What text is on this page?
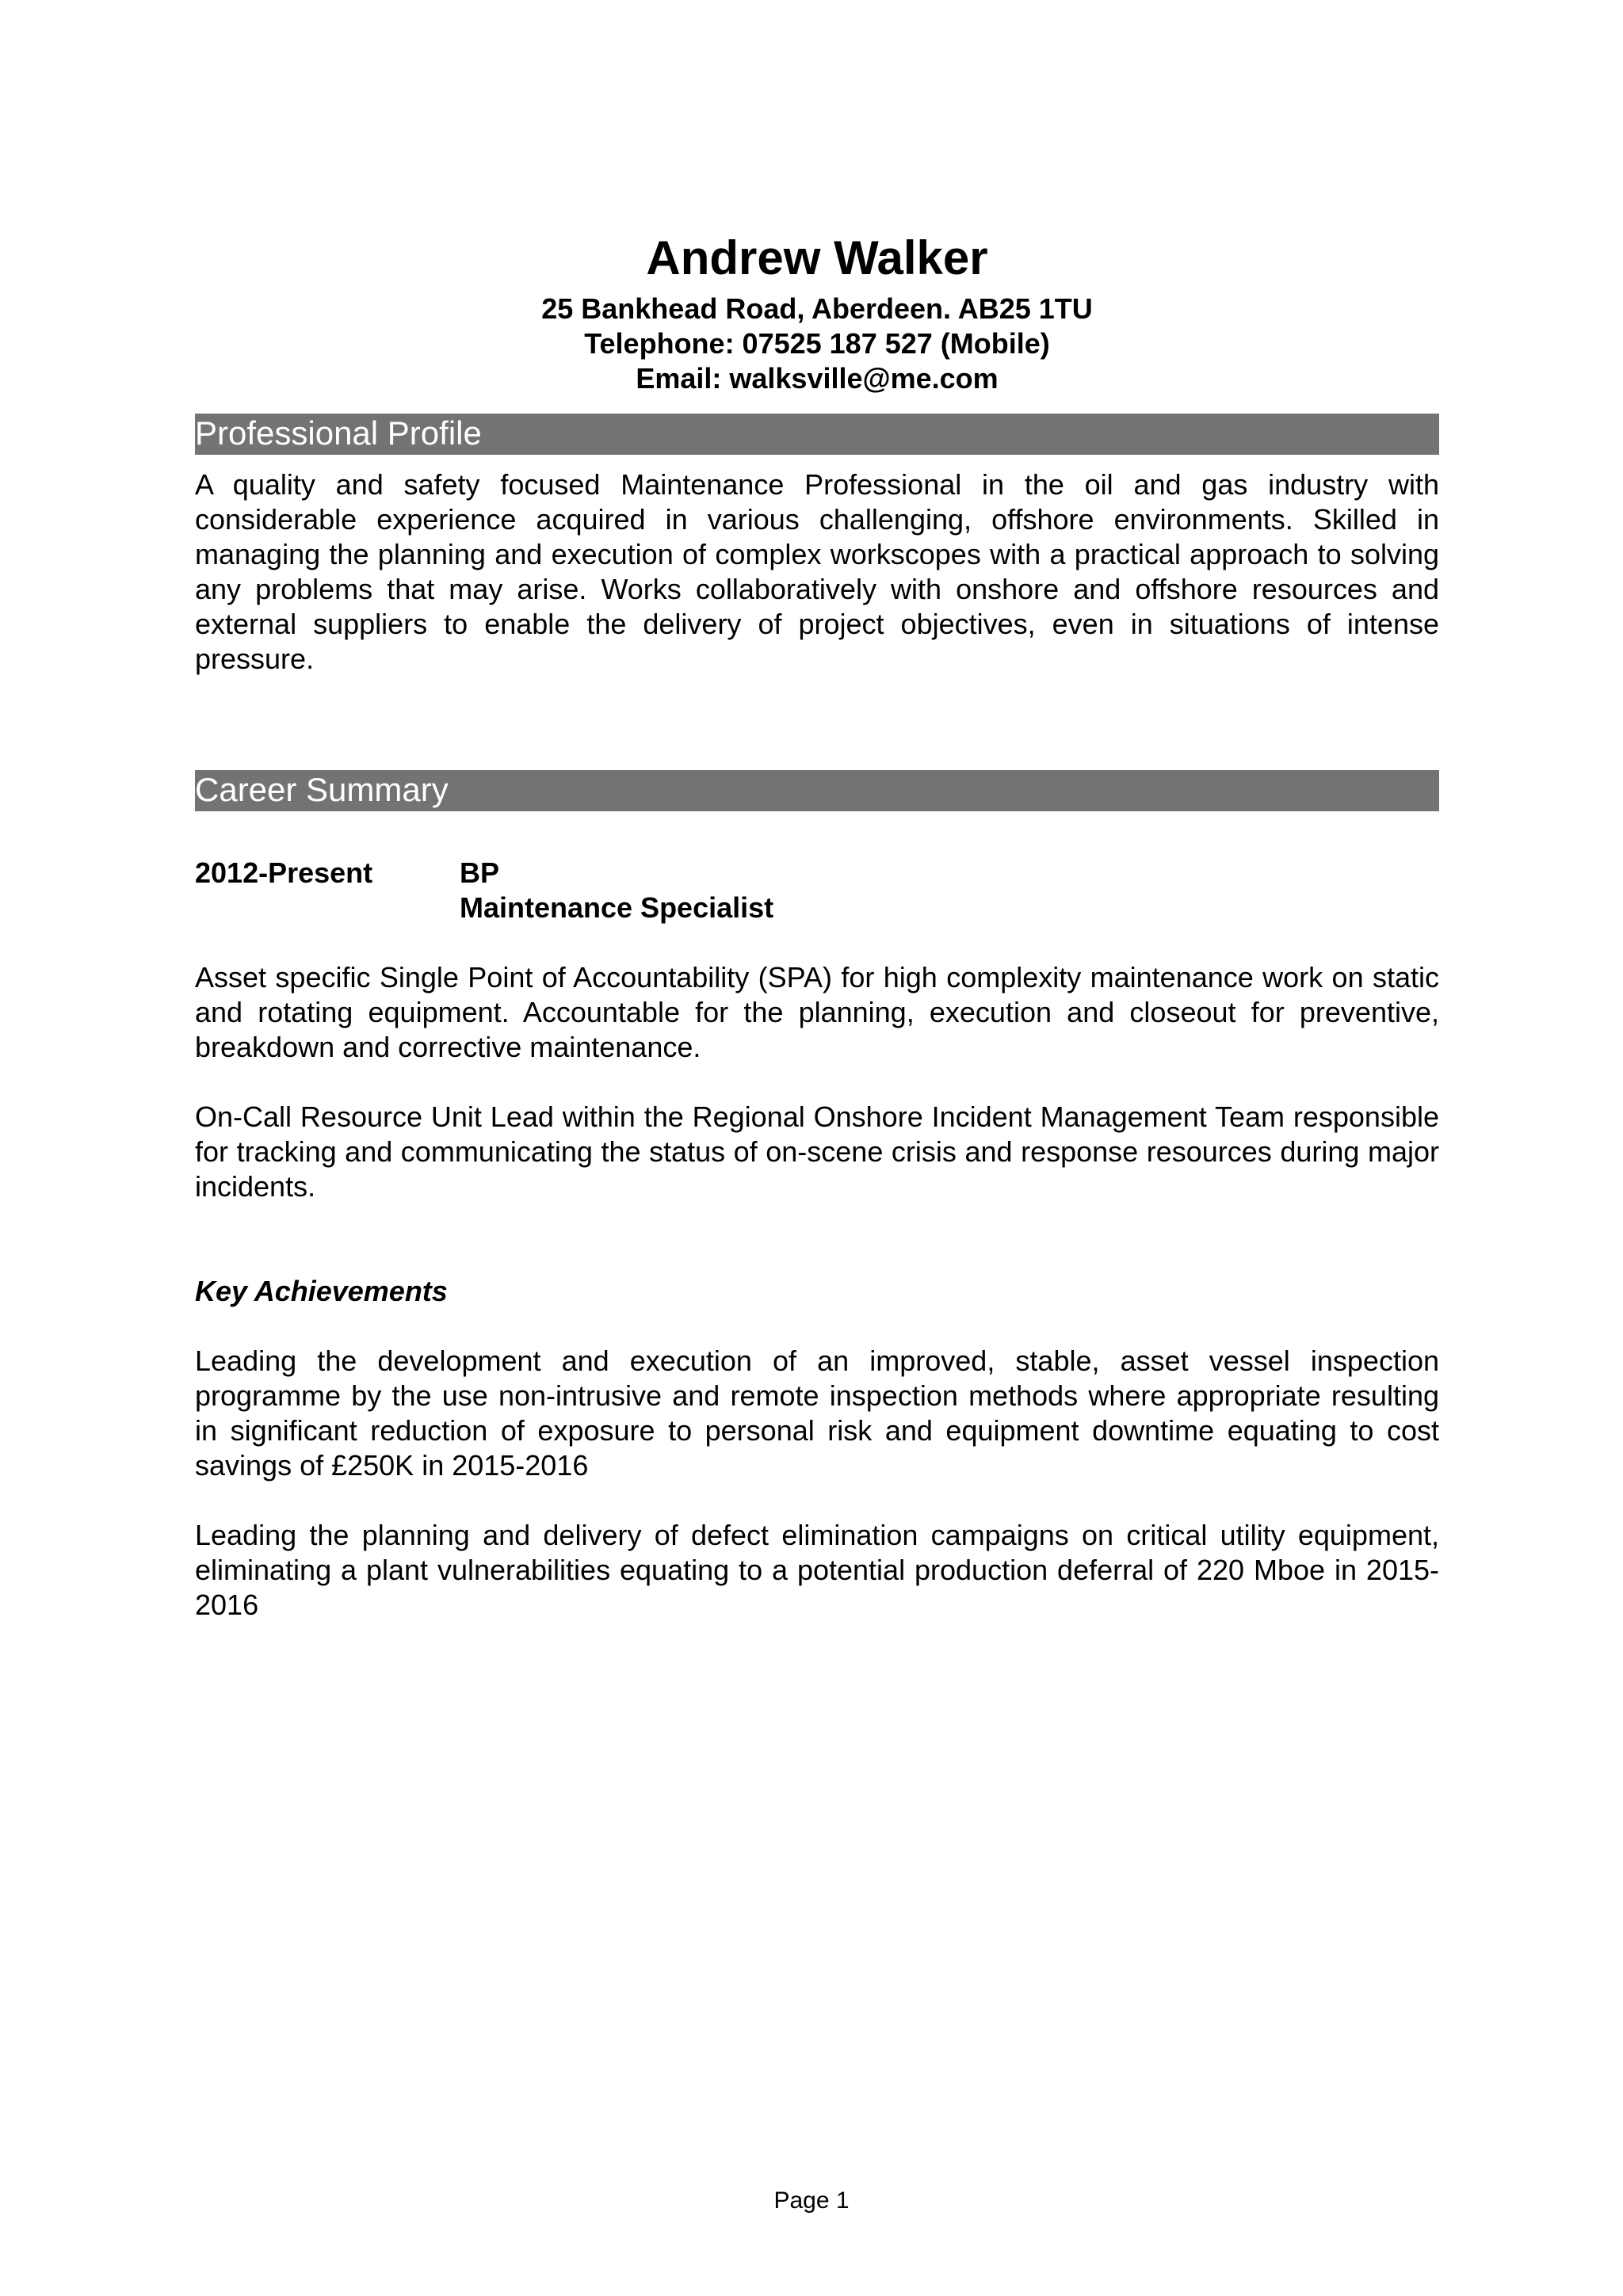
Andrew Walker

25 Bankhead Road, Aberdeen. AB25 1TU

Telephone: 07525 187 527 (Mobile)

Email: walksville@me.com

Professional Profile

A quality and safety focused Maintenance Professional in the oil and gas industry with considerable experience acquired in various challenging, offshore environments. Skilled in managing the planning and execution of complex workscopes with a practical approach to solving any problems that may arise. Works collaboratively with onshore and offshore resources and external suppliers to enable the delivery of project objectives, even in situations of intense pressure.

Career Summary
2012-Present	BP
Maintenance Specialist

Asset specific Single Point of Accountability (SPA) for high complexity maintenance work on static and rotating equipment. Accountable for the planning, execution and closeout for preventive, breakdown and corrective maintenance.

On-Call Resource Unit Lead within the Regional Onshore Incident Management Team responsible for tracking and communicating the status of on-scene crisis and response resources during major incidents.

Key Achievements

Leading the development and execution of an improved, stable, asset vessel inspection programme by the use non-intrusive and remote inspection methods where appropriate resulting in significant reduction of exposure to personal risk and equipment downtime equating to cost savings of £250K in 2015-2016

Leading the planning and delivery of defect elimination campaigns on critical utility equipment, eliminating a plant vulnerabilities equating to a potential production deferral of 220 Mboe in 2015-2016

Page 1
